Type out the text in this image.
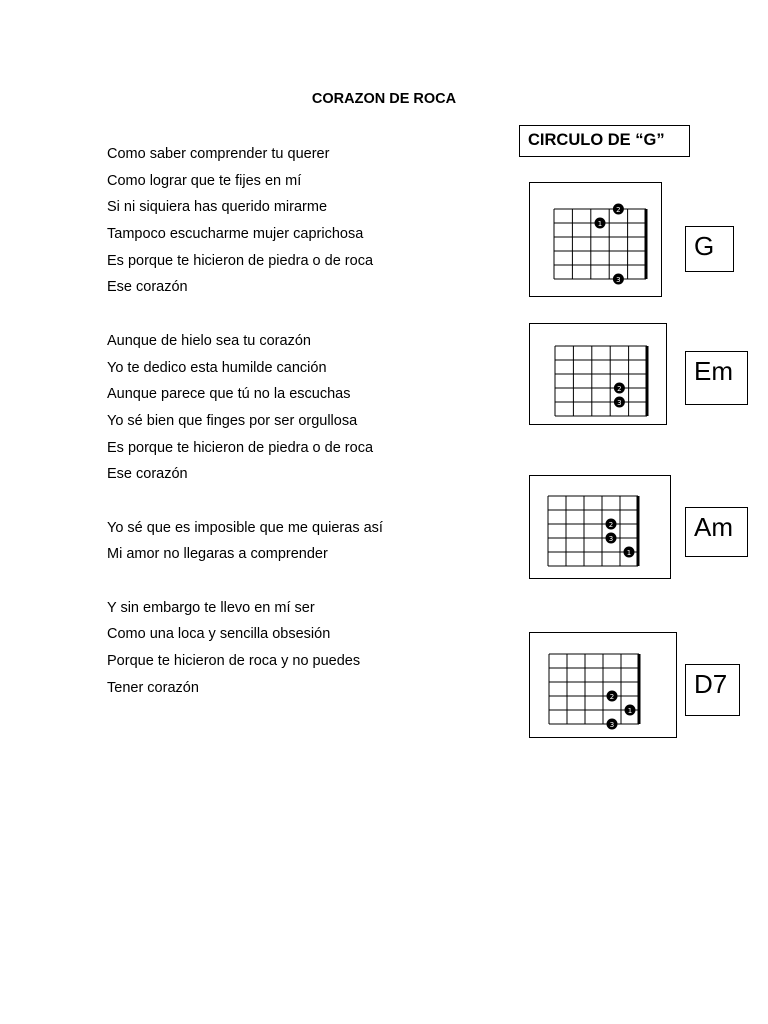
CORAZON DE ROCA
Como saber comprender tu querer
Como lograr que te fijes en mí
Si ni siquiera has querido mirarme
Tampoco escucharme mujer caprichosa
Es porque te hicieron de piedra o de roca
Ese corazón
Aunque de hielo sea tu corazón
Yo te dedico esta humilde canción
Aunque parece que tú no la escuchas
Yo sé bien que finges por ser orgullosa
Es porque te hicieron de piedra o de roca
Ese corazón
Yo sé que es imposible que me quieras así
Mi amor no llegaras a comprender
Y sin embargo te llevo en mí ser
Como una loca y sencilla obsesión
Porque te hicieron de roca y no puedes
Tener corazón
CIRCULO DE “G”
2
1
3
G
2
3
Em
2
3
1
Am
2
1
3
D7
